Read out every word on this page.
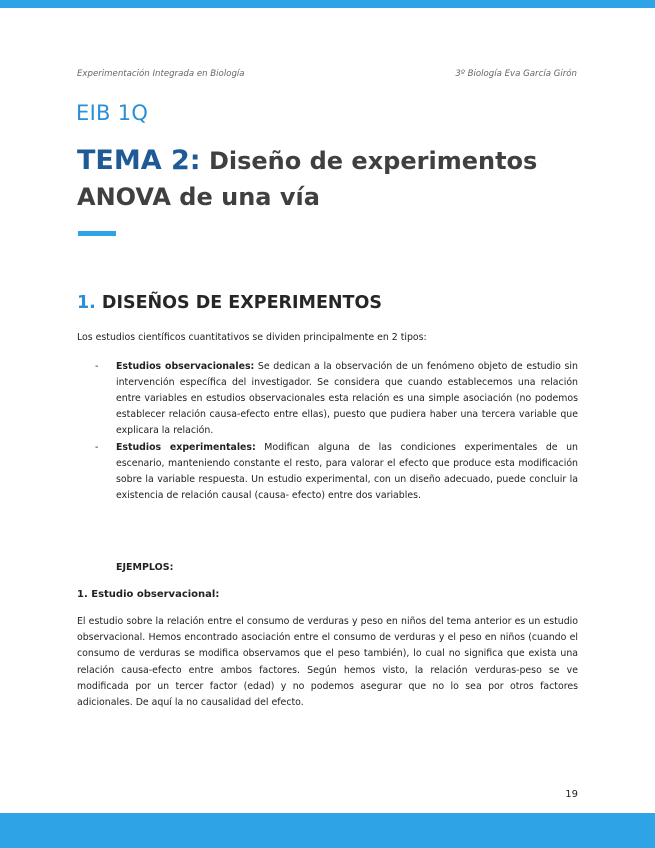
Experimentación Integrada en Biología	3º Biología Eva García Girón
EIB 1Q
TEMA 2: Diseño de experimentos
ANOVA de una vía
1. DISEÑOS DE EXPERIMENTOS
Los estudios científicos cuantitativos se dividen principalmente en 2 tipos:
- Estudios observacionales: Se dedican a la observación de un fenómeno objeto de estudio sin intervención específica del investigador. Se considera que cuando establecemos una relación entre variables en estudios observacionales esta relación es una simple asociación (no podemos establecer relación causa-efecto entre ellas), puesto que pudiera haber una tercera variable que explicara la relación.
- Estudios experimentales: Modifican alguna de las condiciones experimentales de un escenario, manteniendo constante el resto, para valorar el efecto que produce esta modificación sobre la variable respuesta. Un estudio experimental, con un diseño adecuado, puede concluir la existencia de relación causal (causa- efecto) entre dos variables.
EJEMPLOS:
1. Estudio observacional:
El estudio sobre la relación entre el consumo de verduras y peso en niños del tema anterior es un estudio observacional. Hemos encontrado asociación entre el consumo de verduras y el peso en niños (cuando el consumo de verduras se modifica observamos que el peso también), lo cual no significa que exista una relación causa-efecto entre ambos factores. Según hemos visto, la relación verduras-peso se ve modificada por un tercer factor (edad) y no podemos asegurar que no lo sea por otros factores adicionales. De aquí la no causalidad del efecto.
19
